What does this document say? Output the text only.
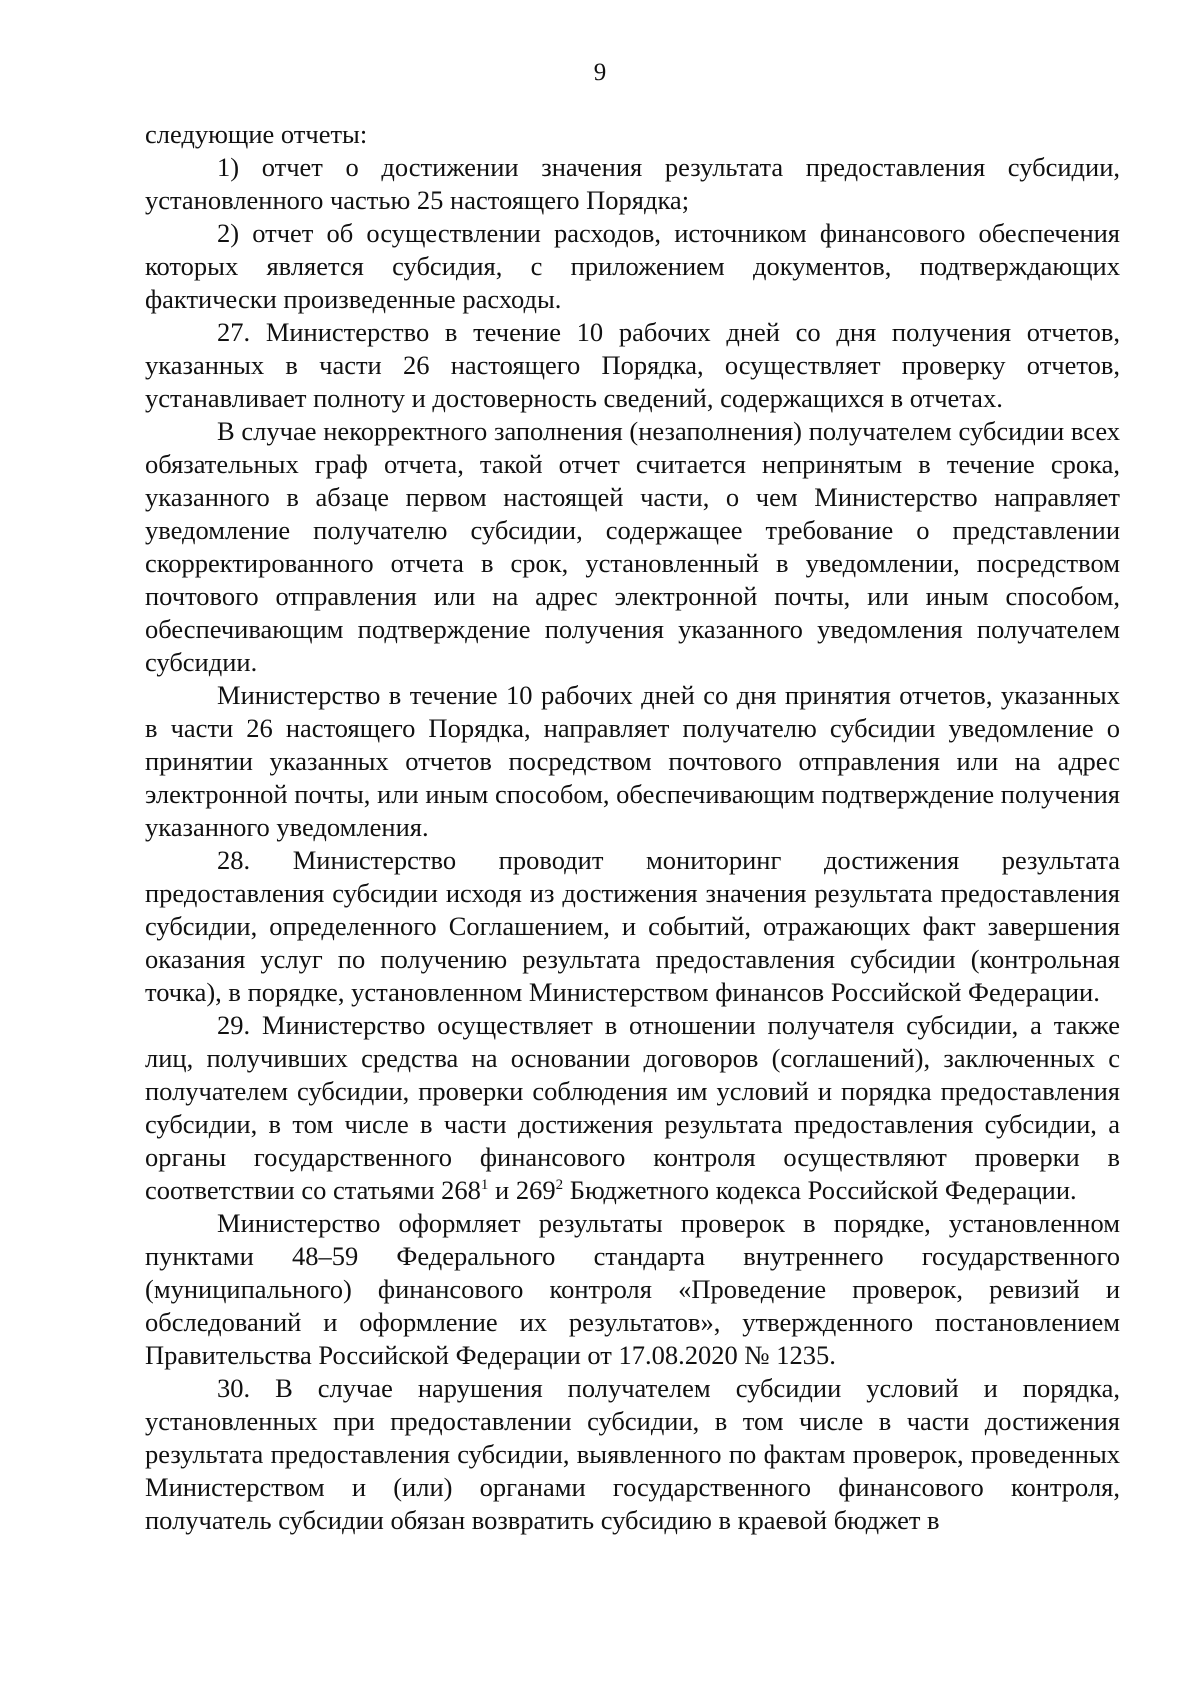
9

следующие отчеты:

1) отчет о достижении значения результата предоставления субсидии, установленного частью 25 настоящего Порядка;

2) отчет об осуществлении расходов, источником финансового обеспечения которых является субсидия, с приложением документов, подтверждающих фактически произведенные расходы.

27. Министерство в течение 10 рабочих дней со дня получения отчетов, указанных в части 26 настоящего Порядка, осуществляет проверку отчетов, устанавливает полноту и достоверность сведений, содержащихся в отчетах.

В случае некорректного заполнения (незаполнения) получателем субсидии всех обязательных граф отчета, такой отчет считается непринятым в течение срока, указанного в абзаце первом настоящей части, о чем Министерство направляет уведомление получателю субсидии, содержащее требование о представлении скорректированного отчета в срок, установленный в уведомлении, посредством почтового отправления или на адрес электронной почты, или иным способом, обеспечивающим подтверждение получения указанного уведомления получателем субсидии.

Министерство в течение 10 рабочих дней со дня принятия отчетов, указанных в части 26 настоящего Порядка, направляет получателю субсидии уведомление о принятии указанных отчетов посредством почтового отправления или на адрес электронной почты, или иным способом, обеспечивающим подтверждение получения указанного уведомления.

28. Министерство проводит мониторинг достижения результата предоставления субсидии исходя из достижения значения результата предоставления субсидии, определенного Соглашением, и событий, отражающих факт завершения оказания услуг по получению результата предоставления субсидии (контрольная точка), в порядке, установленном Министерством финансов Российской Федерации.

29. Министерство осуществляет в отношении получателя субсидии, а также лиц, получивших средства на основании договоров (соглашений), заключенных с получателем субсидии, проверки соблюдения им условий и порядка предоставления субсидии, в том числе в части достижения результата предоставления субсидии, а органы государственного финансового контроля осуществляют проверки в соответствии со статьями $268^1$ и $269^2$ Бюджетного кодекса Российской Федерации.

Министерство оформляет результаты проверок в порядке, установленном пунктами 48–59 Федерального стандарта внутреннего государственного (муниципального) финансового контроля «Проведение проверок, ревизий и обследований и оформление их результатов», утвержденного постановлением Правительства Российской Федерации от 17.08.2020 № 1235.

30. В случае нарушения получателем субсидии условий и порядка, установленных при предоставлении субсидии, в том числе в части достижения результата предоставления субсидии, выявленного по фактам проверок, проведенных Министерством и (или) органами государственного финансового контроля, получатель субсидии обязан возвратить субсидию в краевой бюджет в
